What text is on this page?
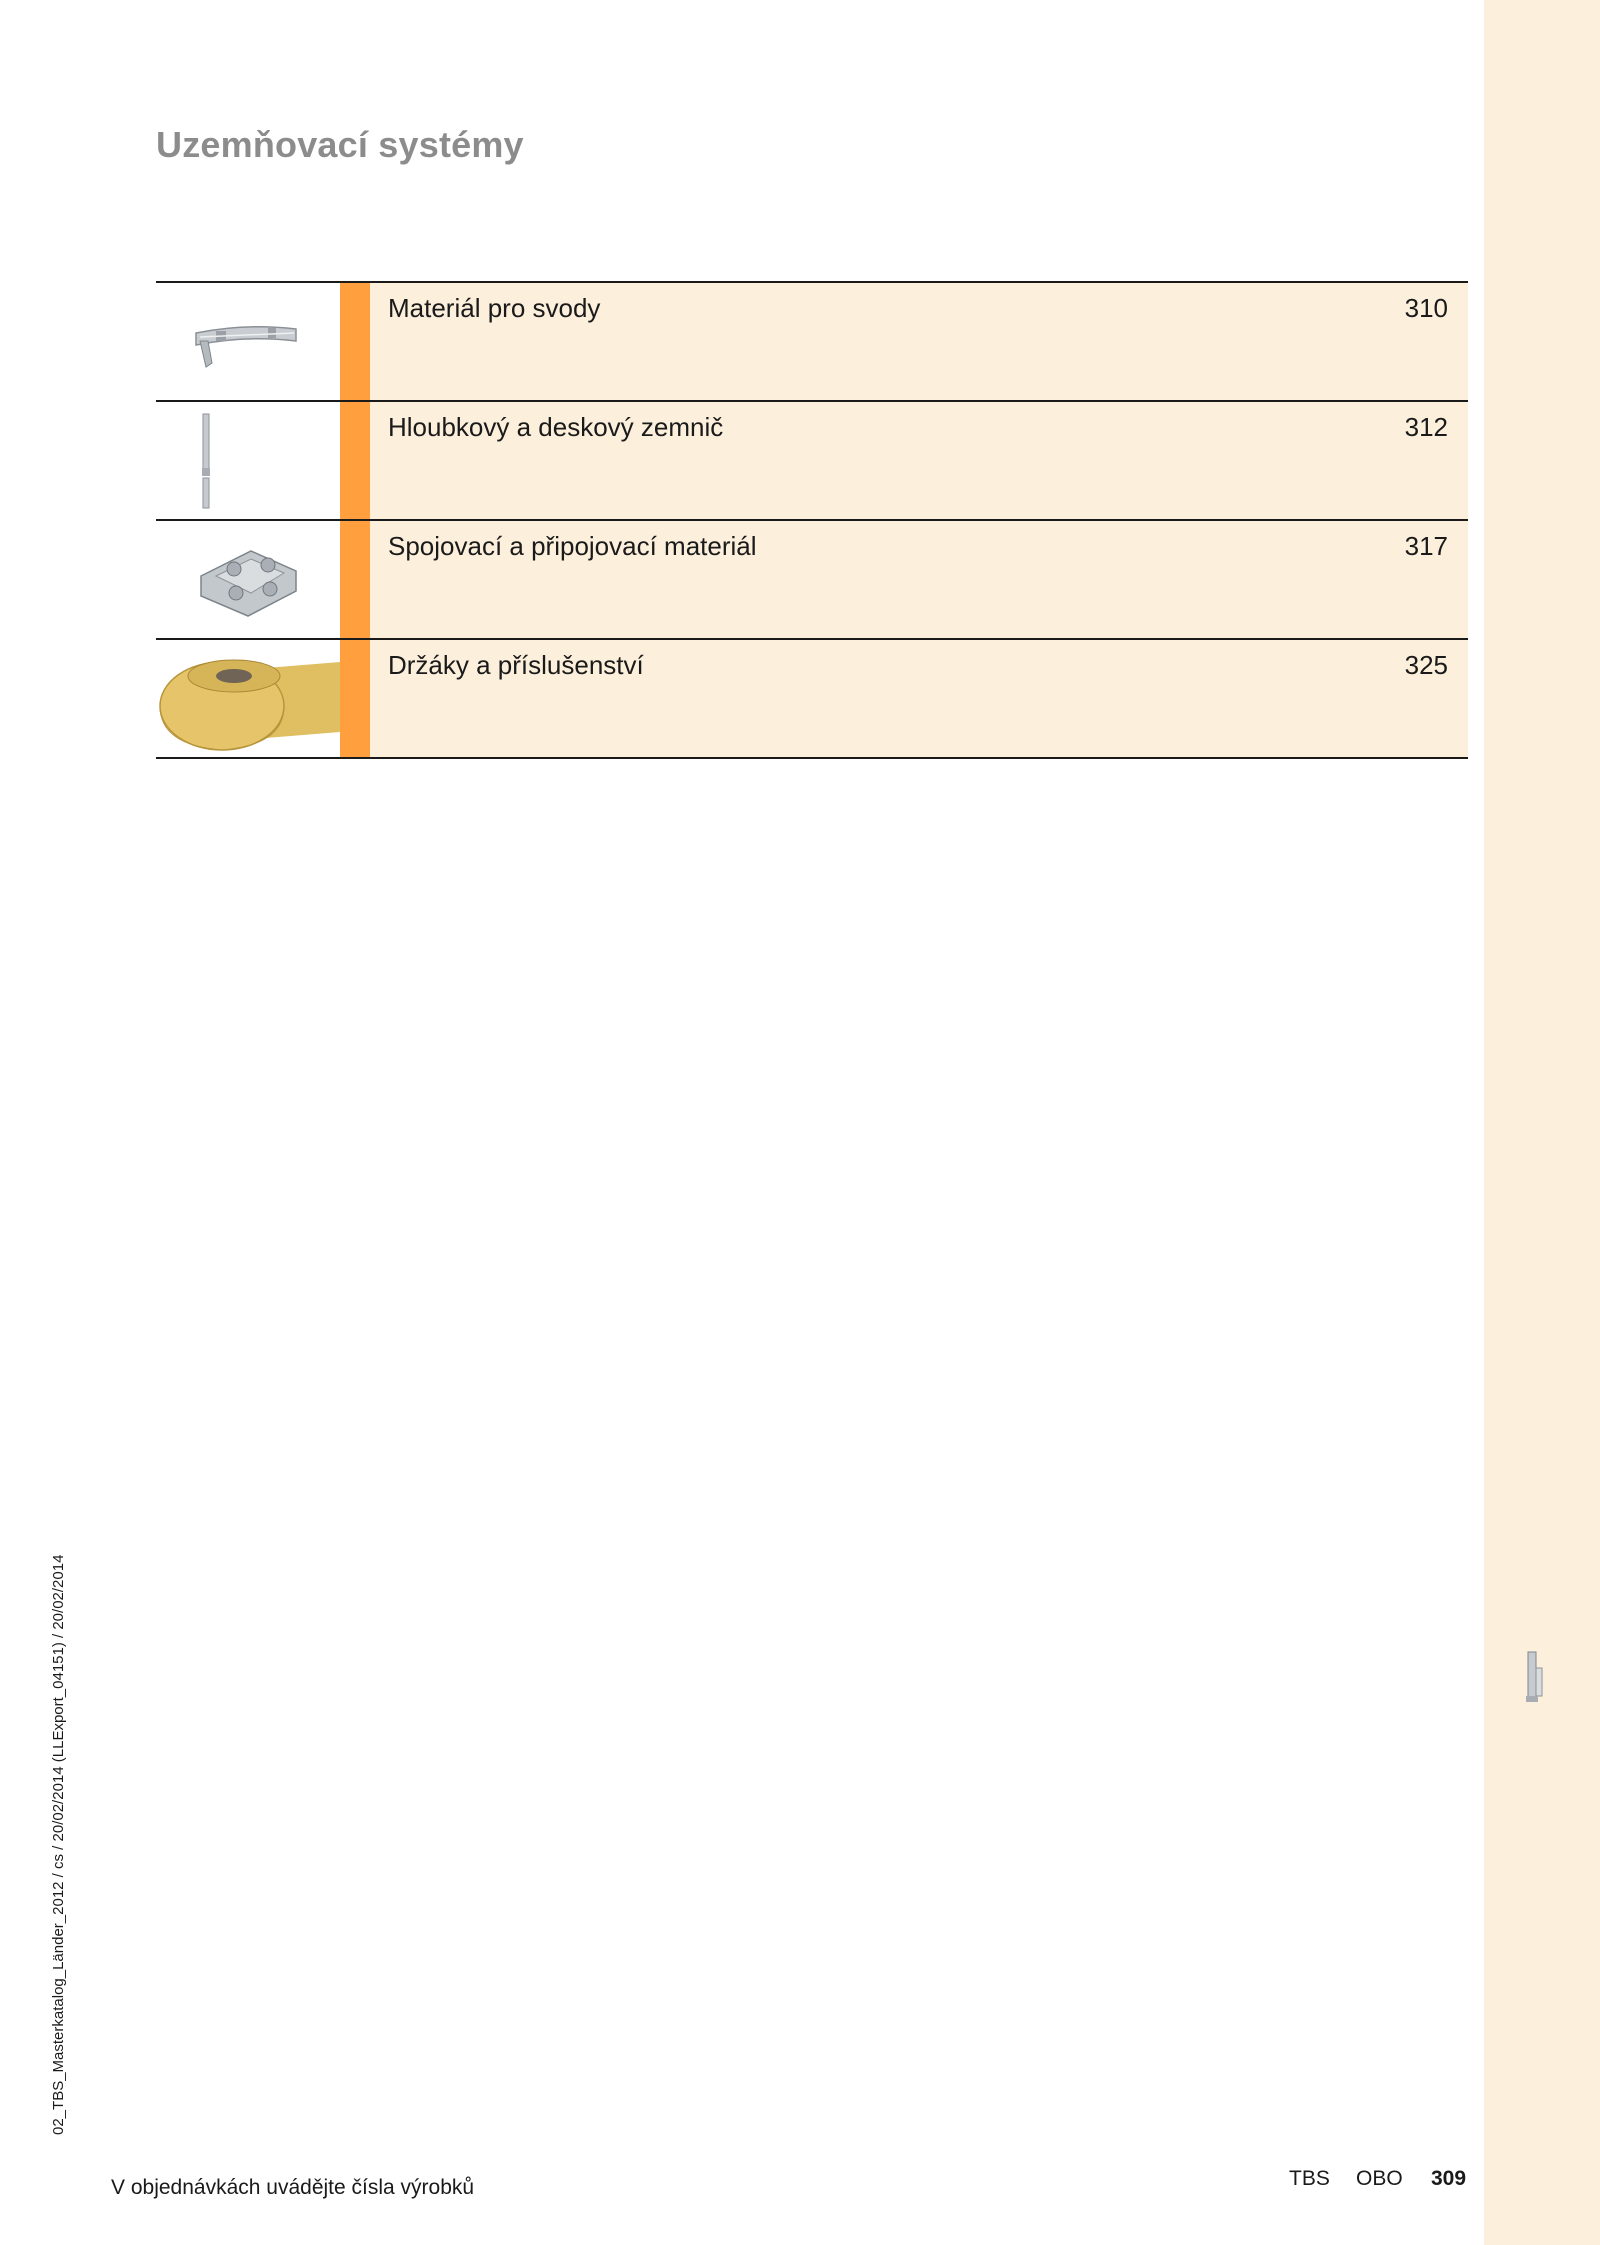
Uzemňovací systémy
Materiál pro svody	310
Hloubkový a deskový zemnič	312
Spojovací a připojovací materiál	317
Držáky a příslušenství	325
02_TBS_Masterkatalog_Länder_2012 / cs / 20/02/2014 (LLExport_04151) / 20/02/2014
V objednávkách uvádějte čísla výrobků	TBS OBO 309
